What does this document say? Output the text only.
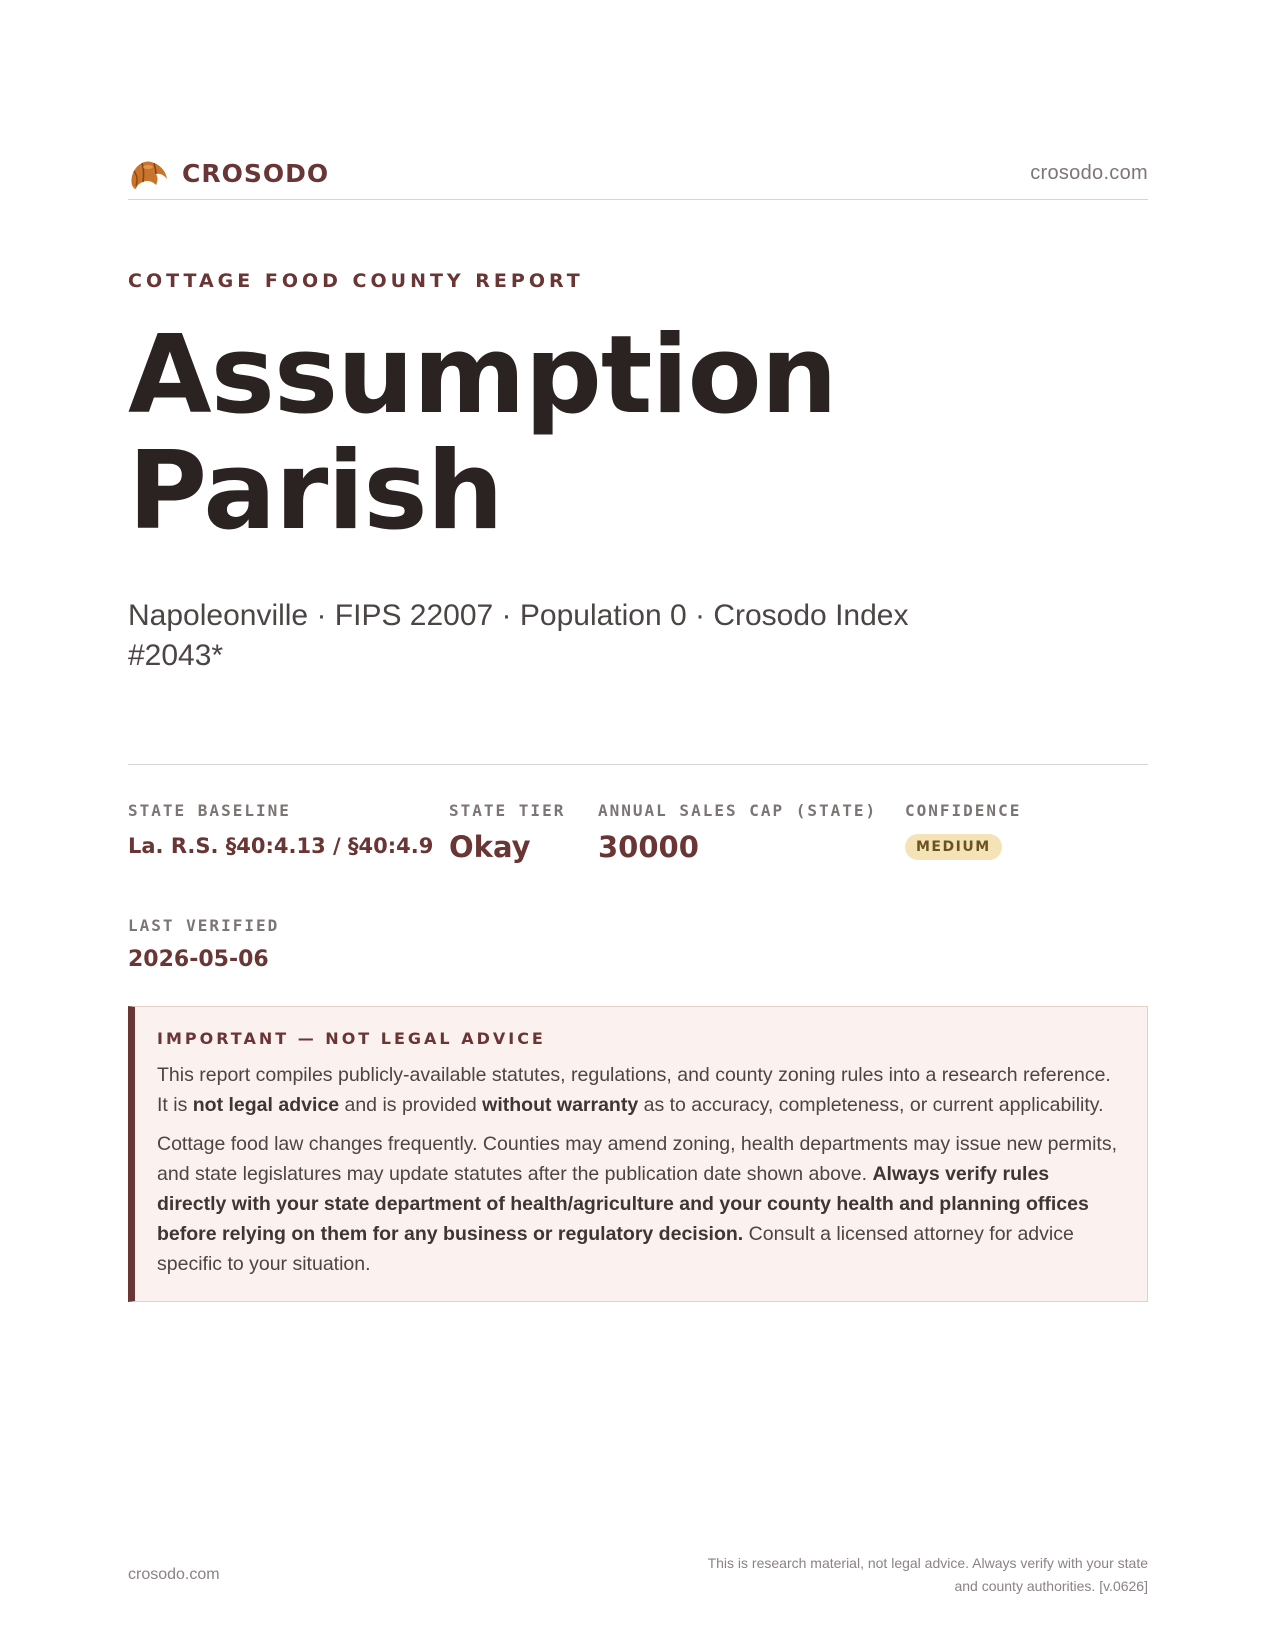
CROSODO	crosodo.com
COTTAGE FOOD COUNTY REPORT
Assumption Parish
Napoleonville · FIPS 22007 · Population 0 · Crosodo Index #2043*
STATE BASELINE
La. R.S. §40:4.13 / §40:4.9
STATE TIER
Okay
ANNUAL SALES CAP (STATE)
30000
CONFIDENCE
MEDIUM
LAST VERIFIED
2026-05-06
IMPORTANT — NOT LEGAL ADVICE

This report compiles publicly-available statutes, regulations, and county zoning rules into a research reference. It is not legal advice and is provided without warranty as to accuracy, completeness, or current applicability.

Cottage food law changes frequently. Counties may amend zoning, health departments may issue new permits, and state legislatures may update statutes after the publication date shown above. Always verify rules directly with your state department of health/agriculture and your county health and planning offices before relying on them for any business or regulatory decision. Consult a licensed attorney for advice specific to your situation.

crosodo.com
This is research material, not legal advice. Always verify with your state
and county authorities. [v.0626]
